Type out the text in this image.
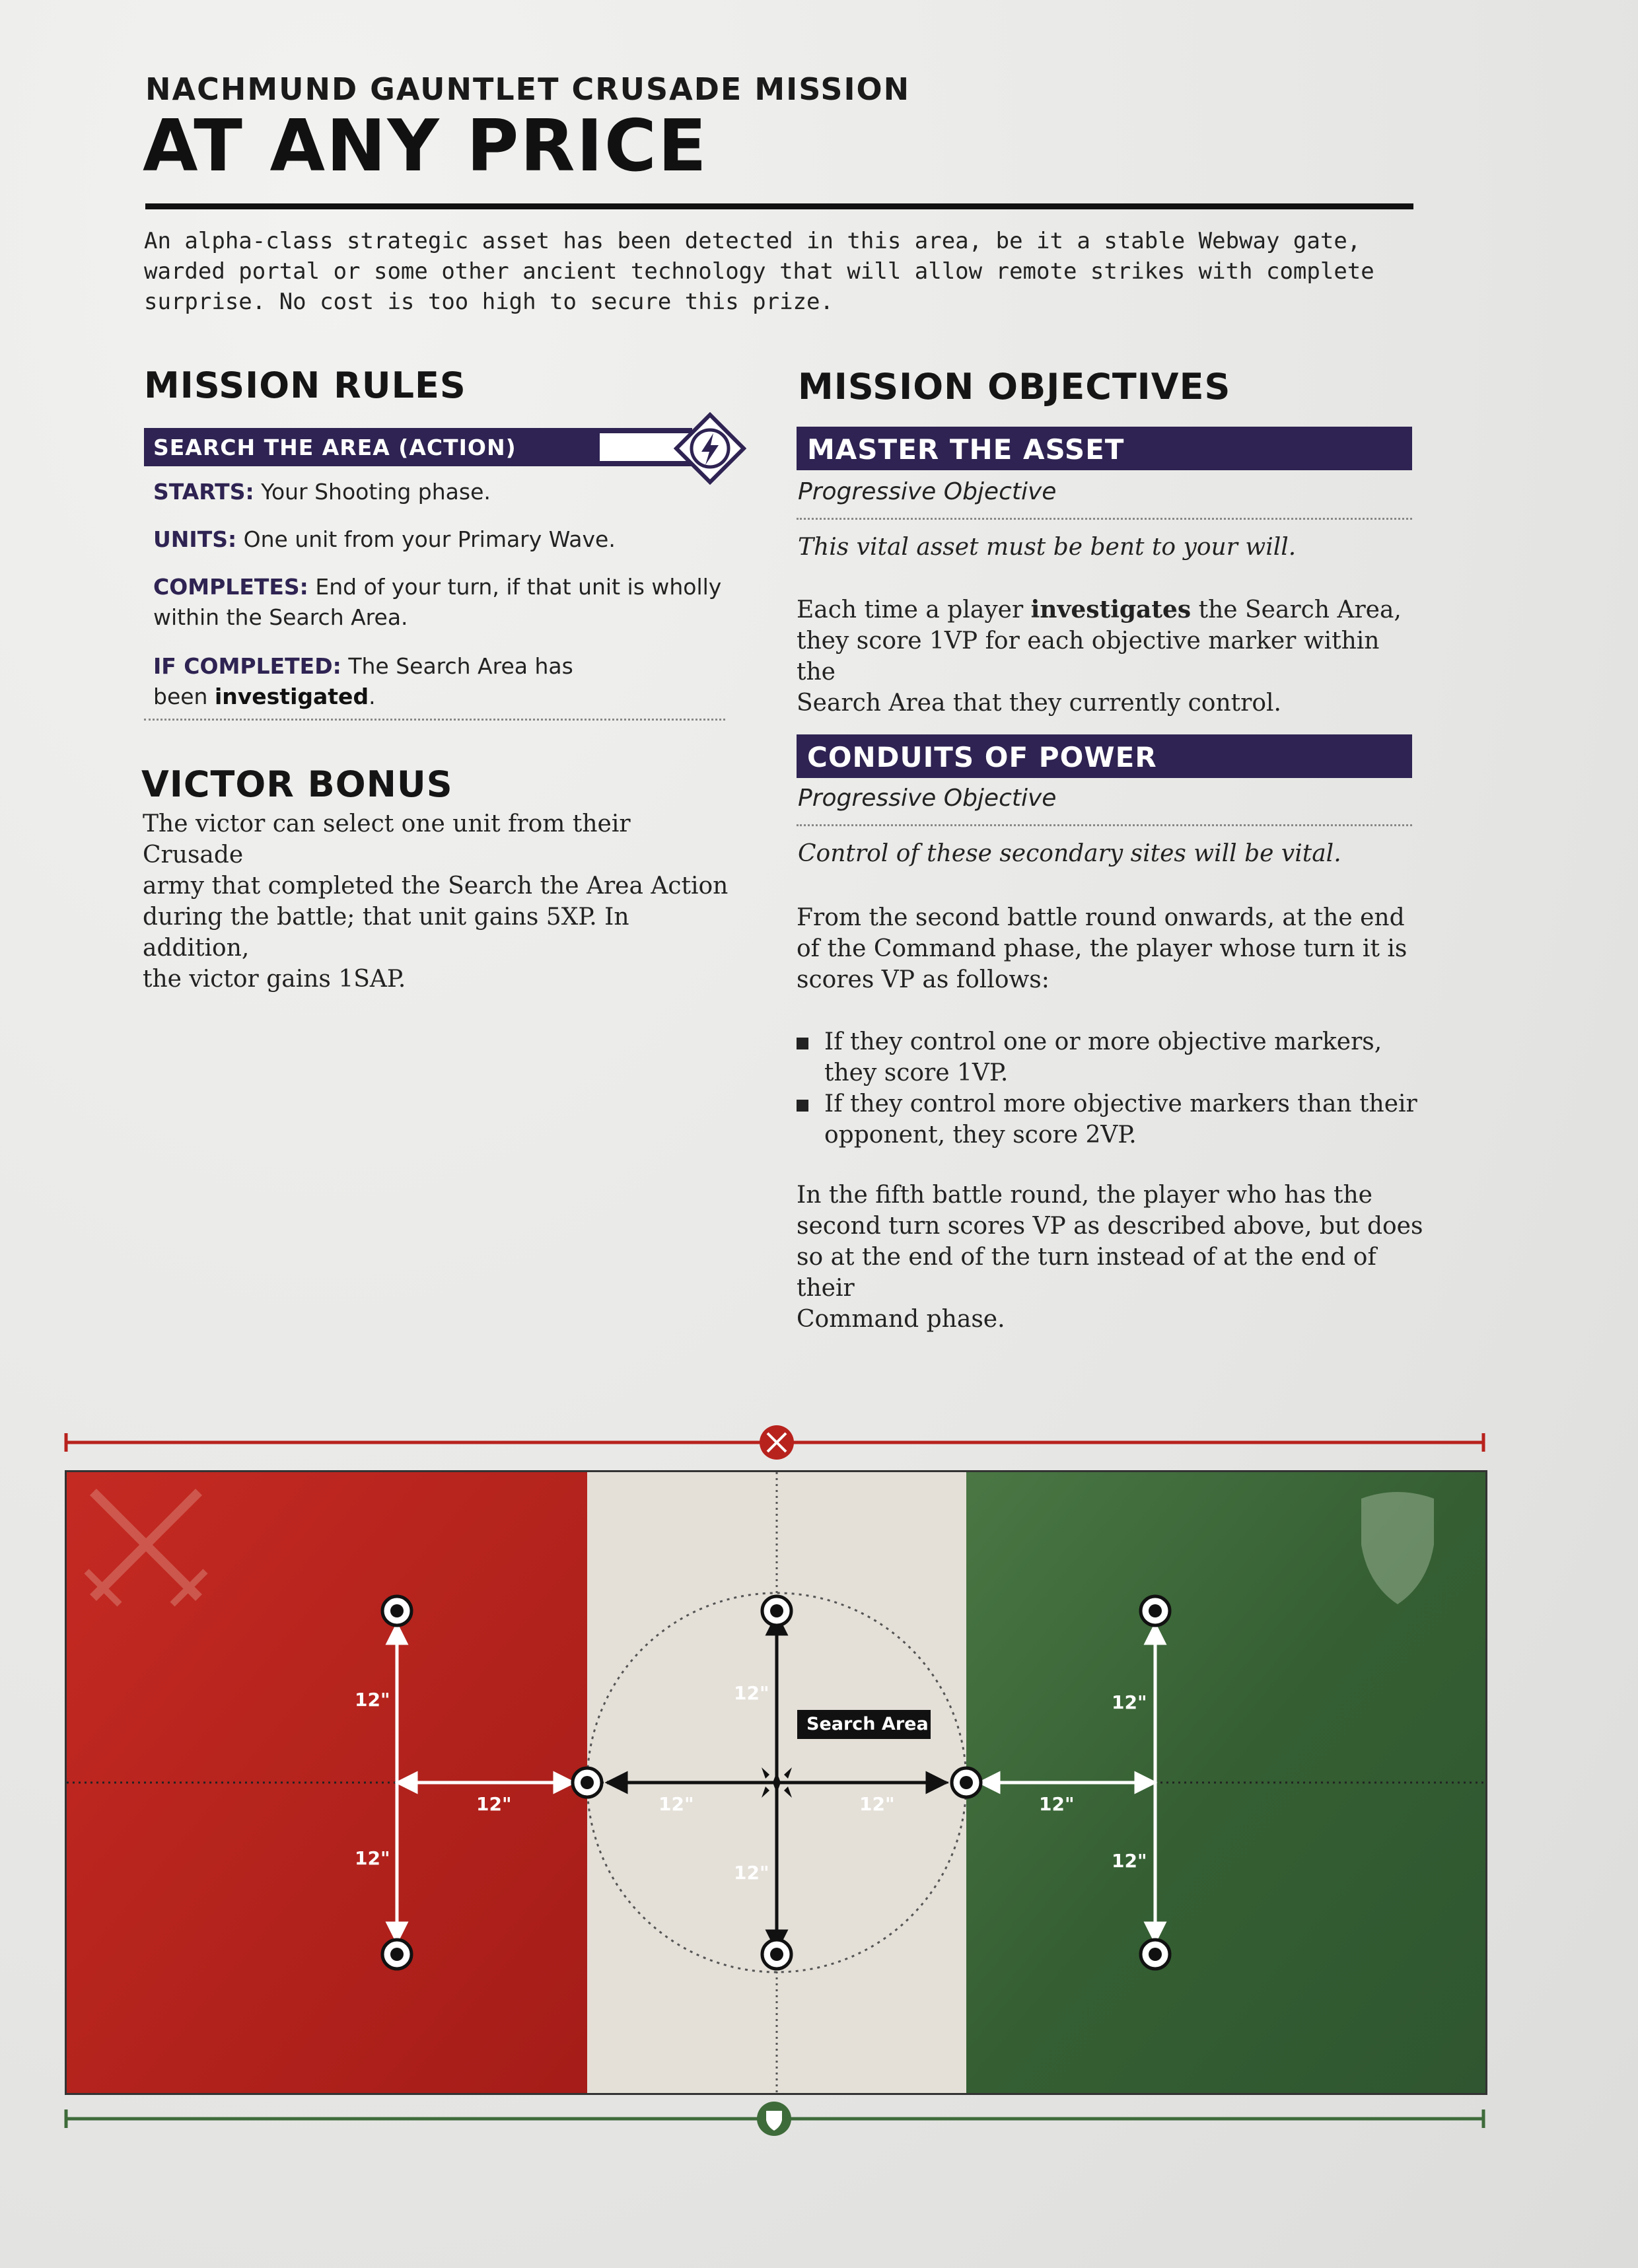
NACHMUND GAUNTLET CRUSADE MISSION
AT ANY PRICE
An alpha-class strategic asset has been detected in this area, be it a stable Webway gate, warded portal or some other ancient technology that will allow remote strikes with complete surprise. No cost is too high to secure this prize.
MISSION RULES
SEARCH THE AREA (ACTION)
STARTS: Your Shooting phase.
UNITS: One unit from your Primary Wave.
COMPLETES: End of your turn, if that unit is wholly
within the Search Area.
IF COMPLETED: The Search Area has
been investigated.
VICTOR BONUS
The victor can select one unit from their Crusade
army that completed the Search the Area Action
during the battle; that unit gains 5XP. In addition,
the victor gains 1SAP.
MISSION OBJECTIVES
MASTER THE ASSET
Progressive Objective
This vital asset must be bent to your will.
Each time a player investigates the Search Area,
they score 1VP for each objective marker within the
Search Area that they currently control.
CONDUITS OF POWER
Progressive Objective
Control of these secondary sites will be vital.
From the second battle round onwards, at the end
of the Command phase, the player whose turn it is
scores VP as follows:
If they control one or more objective markers,
they score 1VP.
If they control more objective markers than their
opponent, they score 2VP.
In the fifth battle round, the player who has the
second turn scores VP as described above, but does
so at the end of the turn instead of at the end of their
Command phase.
12"
12"
12"	12"
12"
12"
12"	12"
12"
12"
Search Area
